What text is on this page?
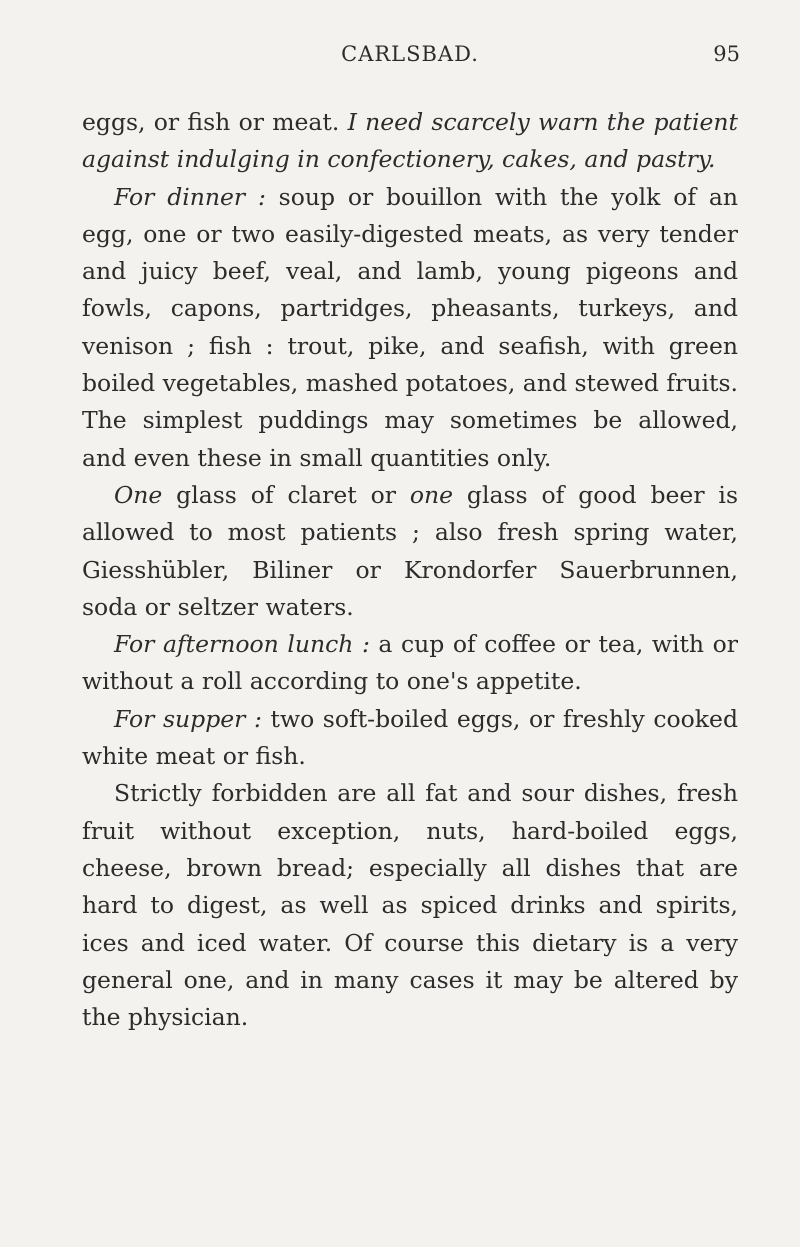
CARLSBAD.	95

eggs, or fish or meat. I need scarcely warn the patient against indulging in confectionery, cakes, and pastry.

For dinner : soup or bouillon with the yolk of an egg, one or two easily-digested meats, as very tender and juicy beef, veal, and lamb, young pigeons and fowls, capons, partridges, pheasants, turkeys, and venison ; fish : trout, pike, and seafish, with green boiled vegetables, mashed potatoes, and stewed fruits. The simplest puddings may sometimes be allowed, and even these in small quantities only.

One glass of claret or one glass of good beer is allowed to most patients ; also fresh spring water, Giesshübler, Biliner or Krondorfer Sauerbrunnen, soda or seltzer waters.

For afternoon lunch : a cup of coffee or tea, with or without a roll according to one's appetite.

For supper : two soft-boiled eggs, or freshly cooked white meat or fish.

Strictly forbidden are all fat and sour dishes, fresh fruit without exception, nuts, hard-boiled eggs, cheese, brown bread; especially all dishes that are hard to digest, as well as spiced drinks and spirits, ices and iced water. Of course this dietary is a very general one, and in many cases it may be altered by the physician.
